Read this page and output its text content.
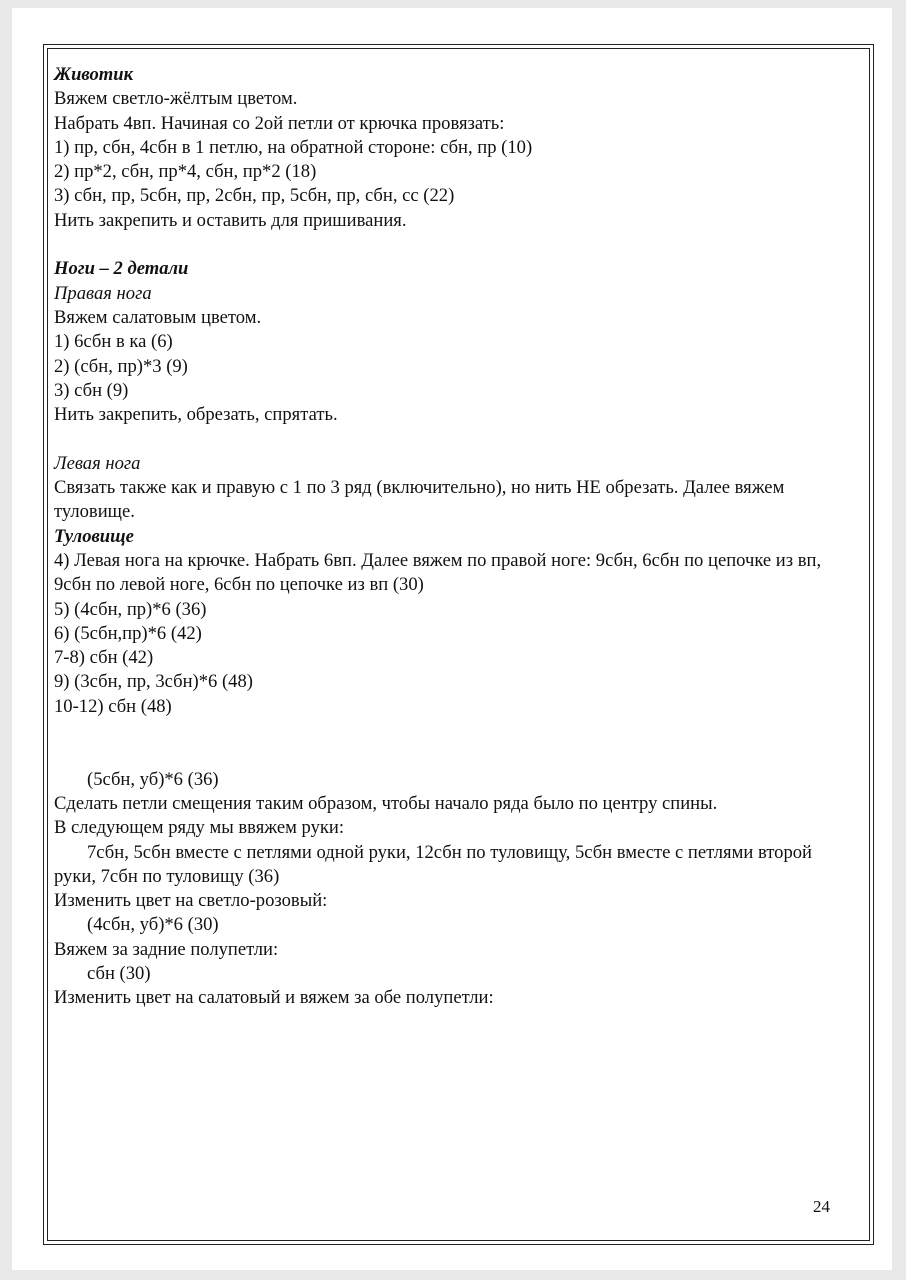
Животик
Вяжем светло-жёлтым цветом.
Набрать 4вп. Начиная со 2ой петли от крючка провязать:
1) пр, сбн, 4сбн в 1 петлю, на обратной стороне: сбн, пр (10)
2) пр*2, сбн, пр*4, сбн, пр*2 (18)
3) сбн, пр, 5сбн, пр, 2сбн, пр, 5сбн, пр, сбн, сс (22)
Нить закрепить и оставить для пришивания.
Ноги – 2 детали
Правая нога
Вяжем салатовым цветом.
1) 6сбн в ка (6)
2) (сбн, пр)*3 (9)
3) сбн (9)
Нить закрепить, обрезать, спрятать.
Левая нога
Связать также как и правую с 1 по 3 ряд (включительно), но нить НЕ обрезать. Далее вяжем туловище.
Туловище
4) Левая нога на крючке. Набрать 6вп. Далее вяжем по правой ноге: 9сбн, 6сбн по цепочке из вп, 9сбн по левой ноге, 6сбн по цепочке из вп (30)
5) (4сбн, пр)*6 (36)
6) (5сбн,пр)*6 (42)
7-8) сбн (42)
9) (3сбн, пр, 3сбн)*6 (48)
10-12) сбн (48)
(5сбн, уб)*6 (36)
Сделать петли смещения таким образом, чтобы начало ряда было по центру спины.
В следующем ряду мы ввяжем руки:
7сбн, 5сбн вместе с петлями одной руки, 12сбн по туловищу, 5сбн вместе с петлями второй руки, 7сбн по туловищу (36)
Изменить цвет на светло-розовый:
(4сбн, уб)*6 (30)
Вяжем за задние полупетли:
сбн (30)
Изменить цвет на салатовый и вяжем за обе полупетли:
24
